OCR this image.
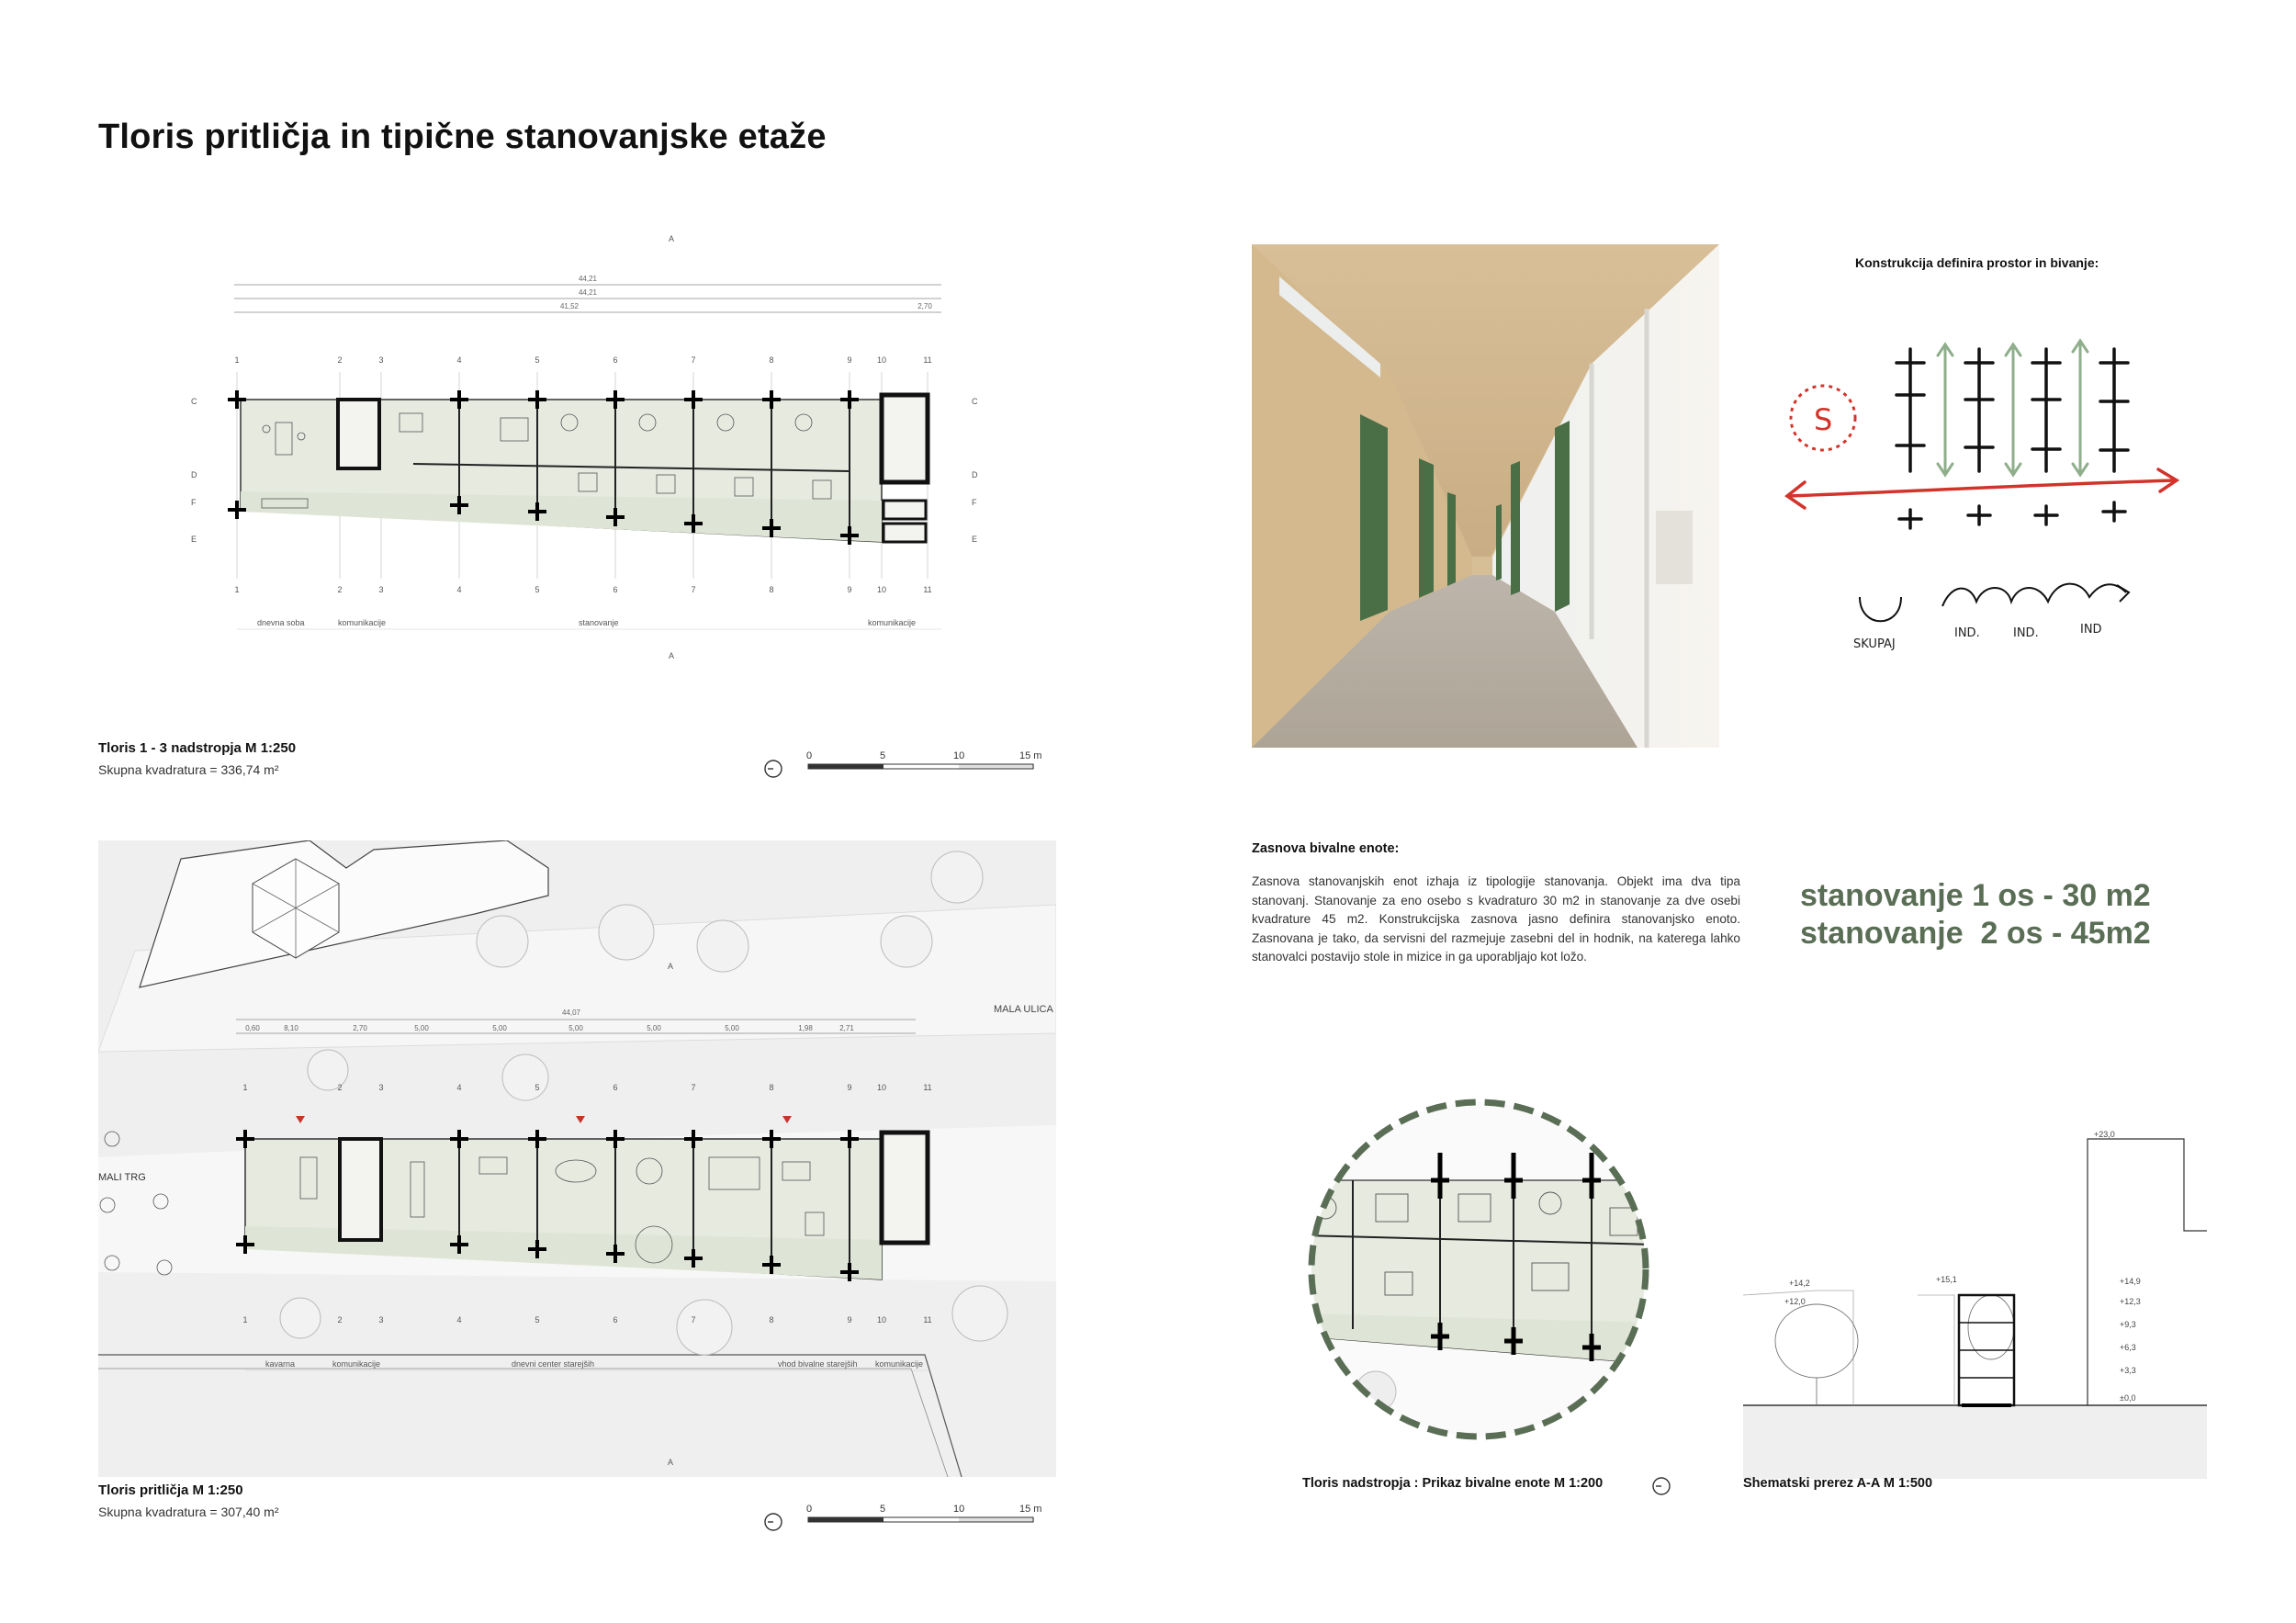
Tloris pritličja in tipične stanovanjske etaže
1	2	3	4	5	6	7	8	9	10	11
1	2	3	4	5	6	7	8	9	10	11
C
D
F
E
C
D
F
E
44,21
44,21
41,52	2,70
dnevna soba	komunikacije	stanovanje	komunikacije
A
A
Tloris 1 - 3 nadstropja M 1:250
Skupna kvadratura = 336,74 m²
0	5	10	15 m
MALA ULICA
MALI TRG
44,07
0,60	8,10	2,70	5,00	5,00	5,00	5,00	5,00	1,98	2,71
1	2	3	4	5	6	7	8	9	10	11
1	2	3	4	5	6	7	8	9	10	11
kavarna	komunikacije	dnevni center starejših	vhod bivalne starejših komunikacije
A
A
Tloris pritličja M 1:250
Skupna kvadratura = 307,40 m²	0	5	10	15 m
Konstrukcija definira prostor in bivanje:
S
SKUPAJ
IND.	IND.	IND
Zasnova bivalne enote:
Zasnova stanovanjskih enot izhaja iz tipologije stanovanja. Objekt ima dva tipa stanovanj. Stanovanje za eno osebo s kvadraturo 30 m2 in stanovanje za dve osebi kvadrature 45 m2. Konstrukcijska zasnova jasno definira stanovanjsko enoto. Zasnovana je tako, da servisni del razmejuje zasebni del in hodnik, na katerega lahko stanovalci postavijo stole in mizice in ga uporabljajo kot ložo.
stanovanje 1 os - 30 m2
stanovanje  2 os - 45m2
Tloris nadstropja : Prikaz bivalne enote M 1:200
+14,9
+12,3
+9,3
+6,3
+3,3
±0,0
+15,1
+14,2
+12,0
+23,0
Shematski prerez A-A M 1:500
